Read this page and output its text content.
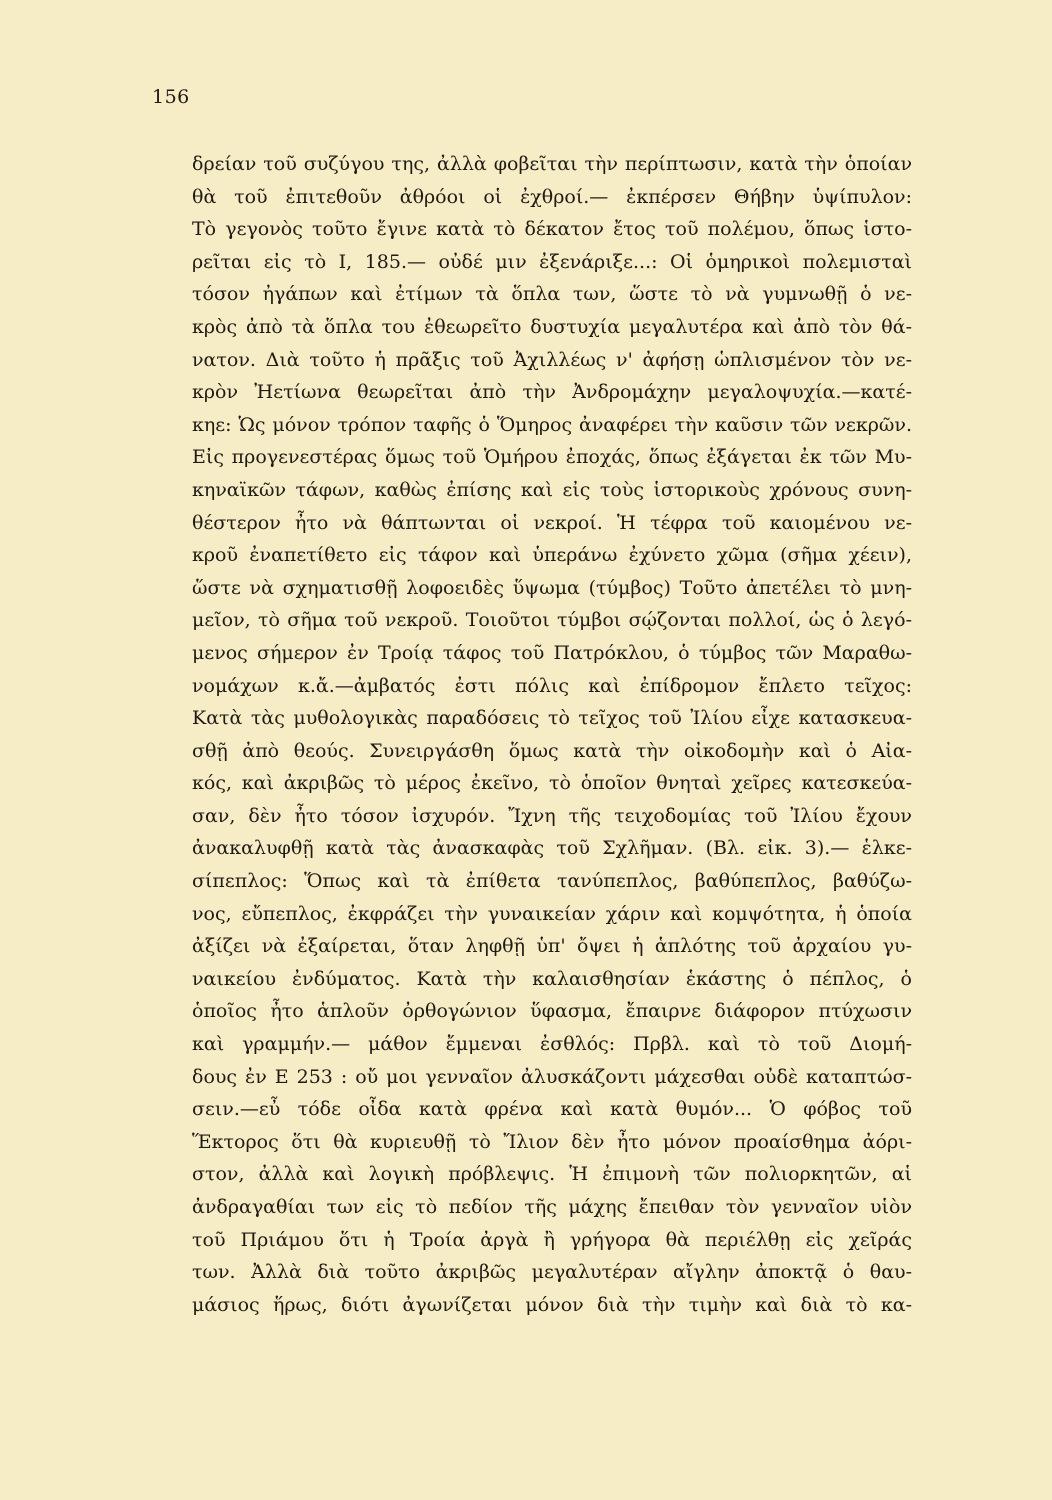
156
δρείαν τοῦ συζύγου της, ἀλλὰ φοβεῖται τὴν περίπτωσιν, κατὰ τὴν ὁποίαν
θὰ τοῦ ἐπιτεθοῦν ἀθρόοι οἱ ἐχθροί.— ἐκπέρσεν Θήβην ὑψίπυλον:
Τὸ γεγονὸς τοῦτο ἔγινε κατὰ τὸ δέκατον ἔτος τοῦ πολέμου, ὅπως ἱστο-
ρεῖται εἰς τὸ Ι, 185.— οὐδέ μιν ἐξενάριξε...: Οἱ ὁμηρικοὶ πολεμισταὶ
τόσον ἠγάπων καὶ ἐτίμων τὰ ὅπλα των, ὥστε τὸ νὰ γυμνωθῇ ὁ νε-
κρὸς ἀπὸ τὰ ὅπλα του ἐθεωρεῖτο δυστυχία μεγαλυτέρα καὶ ἀπὸ τὸν θά-
νατον. Διὰ τοῦτο ἡ πρᾶξις τοῦ Ἀχιλλέως ν' ἀφήσῃ ὡπλισμένον τὸν νε-
κρὸν Ἠετίωνα θεωρεῖται ἀπὸ τὴν Ἀνδρομάχην μεγαλοψυχία.—κατέ-
κηε: Ὡς μόνον τρόπον ταφῆς ὁ Ὅμηρος ἀναφέρει τὴν καῦσιν τῶν νεκρῶν.
Εἰς προγενεστέρας ὅμως τοῦ Ὁμήρου ἐποχάς, ὅπως ἐξάγεται ἐκ τῶν Μυ-
κηναϊκῶν τάφων, καθὼς ἐπίσης καὶ εἰς τοὺς ἱστορικοὺς χρόνους συνη-
θέστερον ἦτο νὰ θάπτωνται οἱ νεκροί. Ἡ τέφρα τοῦ καιομένου νε-
κροῦ ἐναπετίθετο εἰς τάφον καὶ ὑπεράνω ἐχύνετο χῶμα (σῆμα χέειν),
ὥστε νὰ σχηματισθῇ λοφοειδὲς ὕψωμα (τύμβος) Τοῦτο ἀπετέλει τὸ μνη-
μεῖον, τὸ σῆμα τοῦ νεκροῦ. Τοιοῦτοι τύμβοι σῴζονται πολλοί, ὡς ὁ λεγό-
μενος σήμερον ἐν Τροίᾳ τάφος τοῦ Πατρόκλου, ὁ τύμβος τῶν Μαραθω-
νομάχων κ.ἄ.—ἀμβατός ἐστι πόλις καὶ ἐπίδρομον ἔπλετο τεῖχος:
Κατὰ τὰς μυθολογικὰς παραδόσεις τὸ τεῖχος τοῦ Ἰλίου εἶχε κατασκευα-
σθῇ ἀπὸ θεούς. Συνειργάσθη ὅμως κατὰ τὴν οἰκοδομὴν καὶ ὁ Αἰα-
κός, καὶ ἀκριβῶς τὸ μέρος ἐκεῖνο, τὸ ὁποῖον θνηταὶ χεῖρες κατεσκεύα-
σαν, δὲν ἦτο τόσον ἰσχυρόν. Ἴχνη τῆς τειχοδομίας τοῦ Ἰλίου ἔχουν
ἀνακαλυφθῇ κατὰ τὰς ἀνασκαφὰς τοῦ Σχλῆμαν. (Βλ. εἰκ. 3).— ἑλκε-
σίπεπλος: Ὅπως καὶ τὰ ἐπίθετα τανύπεπλος, βαθύπεπλος, βαθύζω-
νος, εὔπεπλος, ἐκφράζει τὴν γυναικείαν χάριν καὶ κομψότητα, ἡ ὁποία
ἀξίζει νὰ ἐξαίρεται, ὅταν ληφθῇ ὑπ' ὄψει ἡ ἁπλότης τοῦ ἀρχαίου γυ-
ναικείου ἐνδύματος. Κατὰ τὴν καλαισθησίαν ἑκάστης ὁ πέπλος, ὁ
ὁποῖος ἦτο ἁπλοῦν ὀρθογώνιον ὕφασμα, ἔπαιρνε διάφορον πτύχωσιν
καὶ γραμμήν.— μάθον ἔμμεναι ἐσθλός: Πρβλ. καὶ τὸ τοῦ Διομή-
δους ἐν Ε 253 : οὔ μοι γενναῖον ἀλυσκάζοντι μάχεσθαι οὐδὲ καταπτώσ-
σειν.—εὖ τόδε οἶδα κατὰ φρένα καὶ κατὰ θυμόν... Ὁ φόβος τοῦ
Ἕκτορος ὅτι θὰ κυριευθῇ τὸ Ἴλιον δὲν ἦτο μόνον προαίσθημα ἀόρι-
στον, ἀλλὰ καὶ λογικὴ πρόβλεψις. Ἡ ἐπιμονὴ τῶν πολιορκητῶν, αἱ
ἀνδραγαθίαι των εἰς τὸ πεδίον τῆς μάχης ἔπειθαν τὸν γενναῖον υἱὸν
τοῦ Πριάμου ὅτι ἡ Τροία ἀργὰ ἢ γρήγορα θὰ περιέλθῃ εἰς χεῖράς
των. Ἀλλὰ διὰ τοῦτο ἀκριβῶς μεγαλυτέραν αἴγλην ἀποκτᾷ ὁ θαυ-
μάσιος ἥρως, διότι ἀγωνίζεται μόνον διὰ τὴν τιμὴν καὶ διὰ τὸ κα-
